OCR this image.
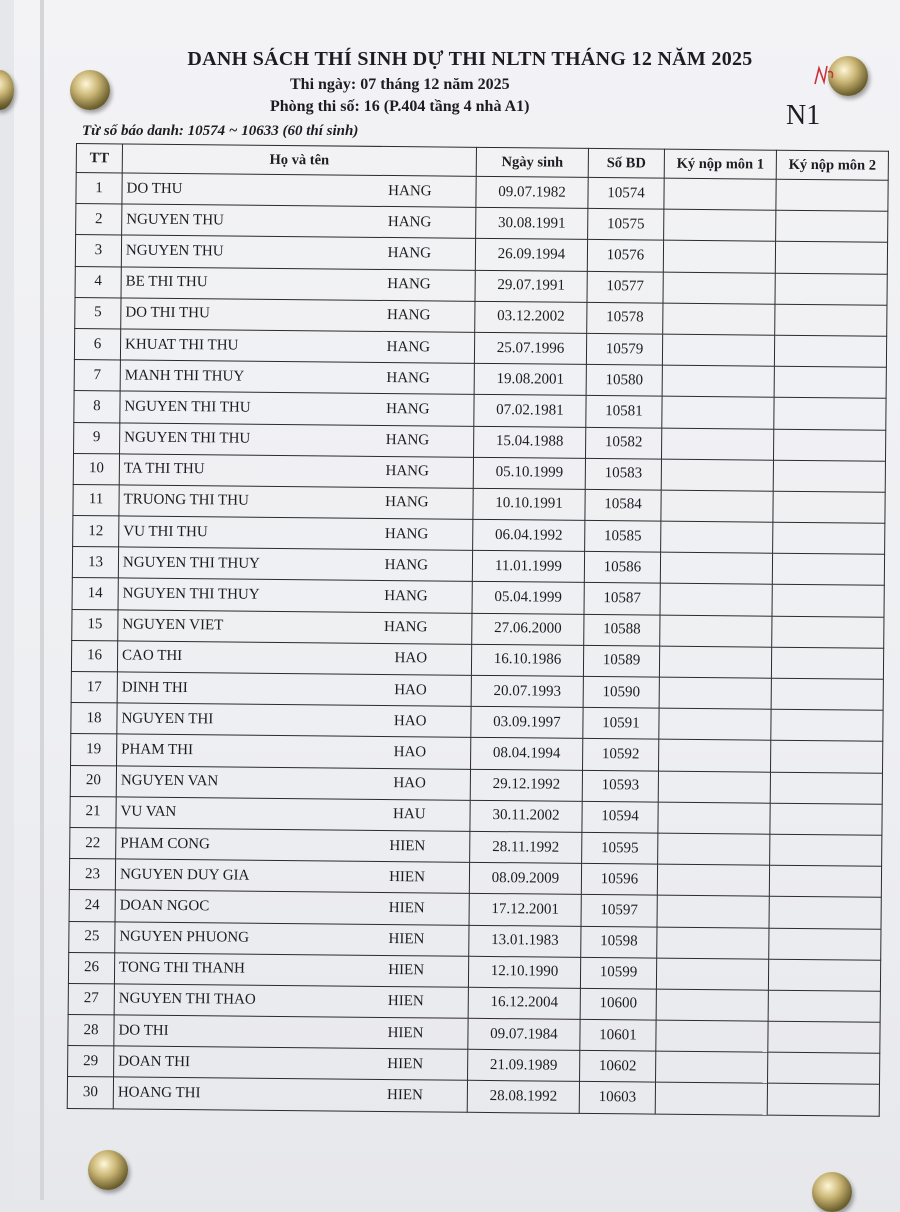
DANH SÁCH THÍ SINH DỰ THI NLTN THÁNG 12 NĂM 2025
Thi ngày: 07 tháng 12 năm 2025
Phòng thi số: 16 (P.404 tầng 4 nhà A1)	N1
Từ số báo danh: 10574 ~ 10633 (60 thí sinh)
TT	Họ và tên	Ngày sinh	Số BD	Ký nộp môn 1	Ký nộp môn 2
1	DO THU HANG	09.07.1982	10574		
2	NGUYEN THU HANG	30.08.1991	10575		
3	NGUYEN THU HANG	26.09.1994	10576		
4	BE THI THU HANG	29.07.1991	10577		
5	DO THI THU HANG	03.12.2002	10578		
6	KHUAT THI THU HANG	25.07.1996	10579		
7	MANH THI THUY HANG	19.08.2001	10580		
8	NGUYEN THI THU HANG	07.02.1981	10581		
9	NGUYEN THI THU HANG	15.04.1988	10582		
10	TA THI THU HANG	05.10.1999	10583		
11	TRUONG THI THU HANG	10.10.1991	10584		
12	VU THI THU HANG	06.04.1992	10585		
13	NGUYEN THI THUY HANG	11.01.1999	10586		
14	NGUYEN THI THUY HANG	05.04.1999	10587		
15	NGUYEN VIET HANG	27.06.2000	10588		
16	CAO THI HAO	16.10.1986	10589		
17	DINH THI HAO	20.07.1993	10590		
18	NGUYEN THI HAO	03.09.1997	10591		
19	PHAM THI HAO	08.04.1994	10592		
20	NGUYEN VAN HAO	29.12.1992	10593		
21	VU VAN HAU	30.11.2002	10594		
22	PHAM CONG HIEN	28.11.1992	10595		
23	NGUYEN DUY GIA HIEN	08.09.2009	10596		
24	DOAN NGOC HIEN	17.12.2001	10597		
25	NGUYEN PHUONG HIEN	13.01.1983	10598		
26	TONG THI THANH HIEN	12.10.1990	10599		
27	NGUYEN THI THAO HIEN	16.12.2004	10600		
28	DO THI HIEN	09.07.1984	10601		
29	DOAN THI HIEN	21.09.1989	10602		
30	HOANG THI HIEN	28.08.1992	10603		
